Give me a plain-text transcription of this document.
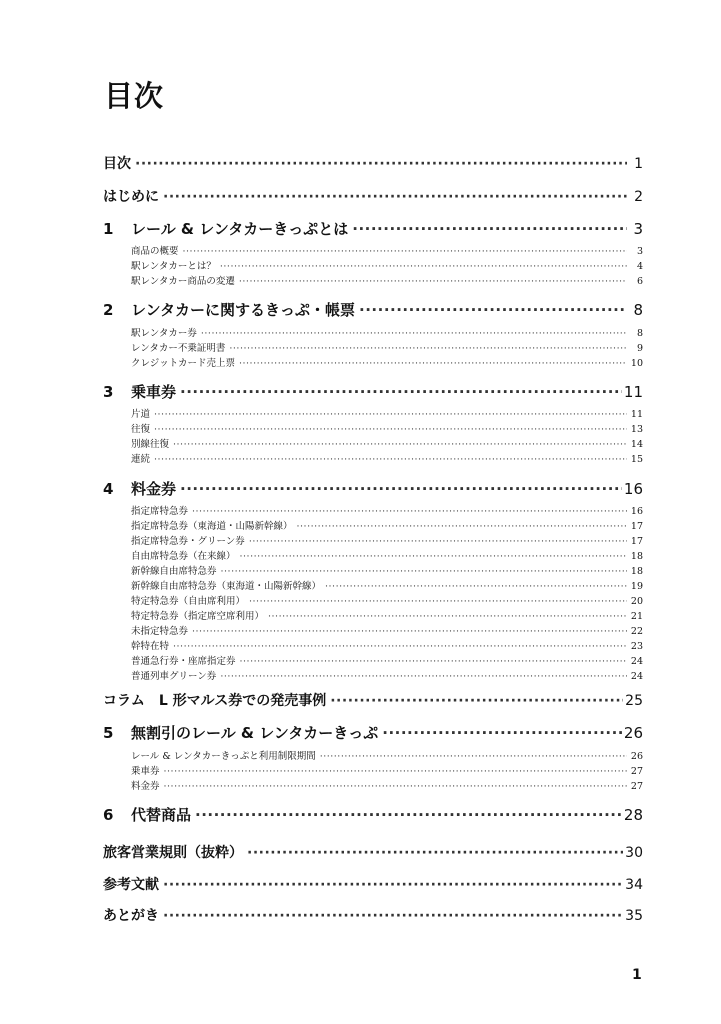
目次
目次 ·····	1
はじめに ·····	2
1	レール & レンタカーきっぷとは ·····	3
商品の概要 ·····	3
駅レンタカーとは？ ·····	4
駅レンタカー商品の変遷 ·····	6
2	レンタカーに関するきっぷ・帳票 ·····	8
駅レンタカー券 ·····	8
レンタカー不乗証明書 ·····	9
クレジットカード売上票 ·····	10
3	乗車券 ·····	11
片道 ·····	11
往復 ·····	13
別線往復 ·····	14
連続 ·····	15
4	料金券 ·····	16
指定席特急券 ·····	16
指定席特急券（東海道・山陽新幹線） ·····	17
指定席特急券・グリーン券 ·····	17
自由席特急券（在来線） ·····	18
新幹線自由席特急券 ·····	18
新幹線自由席特急券（東海道・山陽新幹線） ·····	19
特定特急券（自由席利用） ·····	20
特定特急券（指定席空席利用） ·····	21
未指定特急券 ·····	22
幹特在特 ·····	23
普通急行券・座席指定券 ·····	24
普通列車グリーン券 ·····	24
コラム　L 形マルス券での発売事例 ·····	25
5	無割引のレール & レンタカーきっぷ ·····	26
レール & レンタカーきっぷと利用制限期間 ·····	26
乗車券 ·····	27
料金券 ·····	27
6	代替商品 ·····	28
旅客営業規則（抜粋） ·····	30
参考文献 ·····	34
あとがき ·····	35
1
